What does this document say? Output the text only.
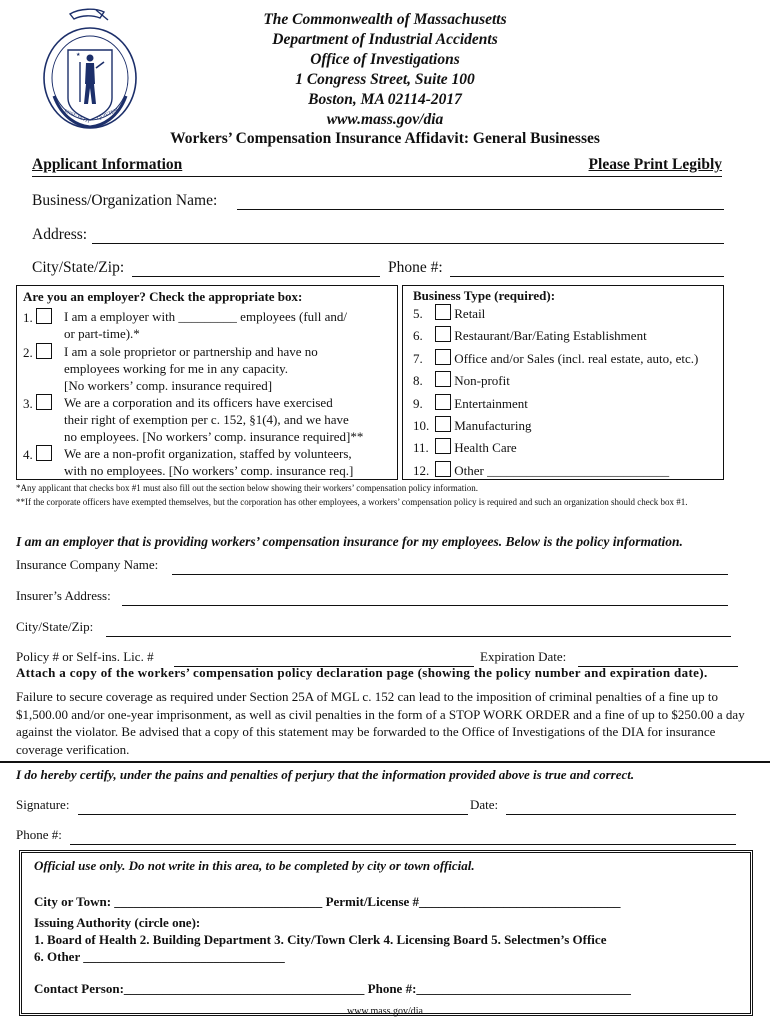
★
ENSE·PETIT QUIETEM
The Commonwealth of Massachusetts
Department of Industrial Accidents
Office of Investigations
1 Congress Street, Suite 100
Boston, MA 02114-2017
www.mass.gov/dia
Workers’ Compensation Insurance Affidavit: General Businesses
Applicant Information	Please Print Legibly
Business/Organization Name:
Address:
City/State/Zip:	Phone #:
Are you an employer? Check the appropriate box:
1. I am a employer with _________ employees (full and/
or part-time).*
2. I am a sole proprietor or partnership and have no
employees working for me in any capacity.
[No workers’ comp. insurance required]
3. We are a corporation and its officers have exercised
their right of exemption per c. 152, §1(4), and we have
no employees. [No workers’ comp. insurance required]**
4. We are a non-profit organization, staffed by volunteers,
with no employees. [No workers’ comp. insurance req.]
Business Type (required):
5. Retail
6. Restaurant/Bar/Eating Establishment
7. Office and/or Sales (incl. real estate, auto, etc.)
8. Non-profit
9. Entertainment
10. Manufacturing
11. Health Care
12. Other ____________________________
*Any applicant that checks box #1 must also fill out the section below showing their workers’ compensation policy information.
**If the corporate officers have exempted themselves, but the corporation has other employees, a workers’ compensation policy is required and such an organization should check box #1.
I am an employer that is providing workers’ compensation insurance for my employees. Below is the policy information.
Insurance Company Name:
Insurer’s Address:
City/State/Zip:
Policy # or Self-ins. Lic. #	Expiration Date:
Attach a copy of the workers’ compensation policy declaration page (showing the policy number and expiration date).
Failure to secure coverage as required under Section 25A of MGL c. 152 can lead to the imposition of criminal penalties of a fine up to $1,500.00 and/or one-year imprisonment, as well as civil penalties in the form of a STOP WORK ORDER and a fine of up to $250.00 a day against the violator. Be advised that a copy of this statement may be forwarded to the Office of Investigations of the DIA for insurance coverage verification.
I do hereby certify, under the pains and penalties of perjury that the information provided above is true and correct.
Signature:	Date:
Phone #:
Official use only. Do not write in this area, to be completed by city or town official.
City or Town: ________________________________ Permit/License #_______________________________
Issuing Authority (circle one):
1. Board of Health 2. Building Department 3. City/Town Clerk 4. Licensing Board 5. Selectmen’s Office
6. Other _______________________________
Contact Person:_____________________________________ Phone #:_________________________________
www.mass.gov/dia
